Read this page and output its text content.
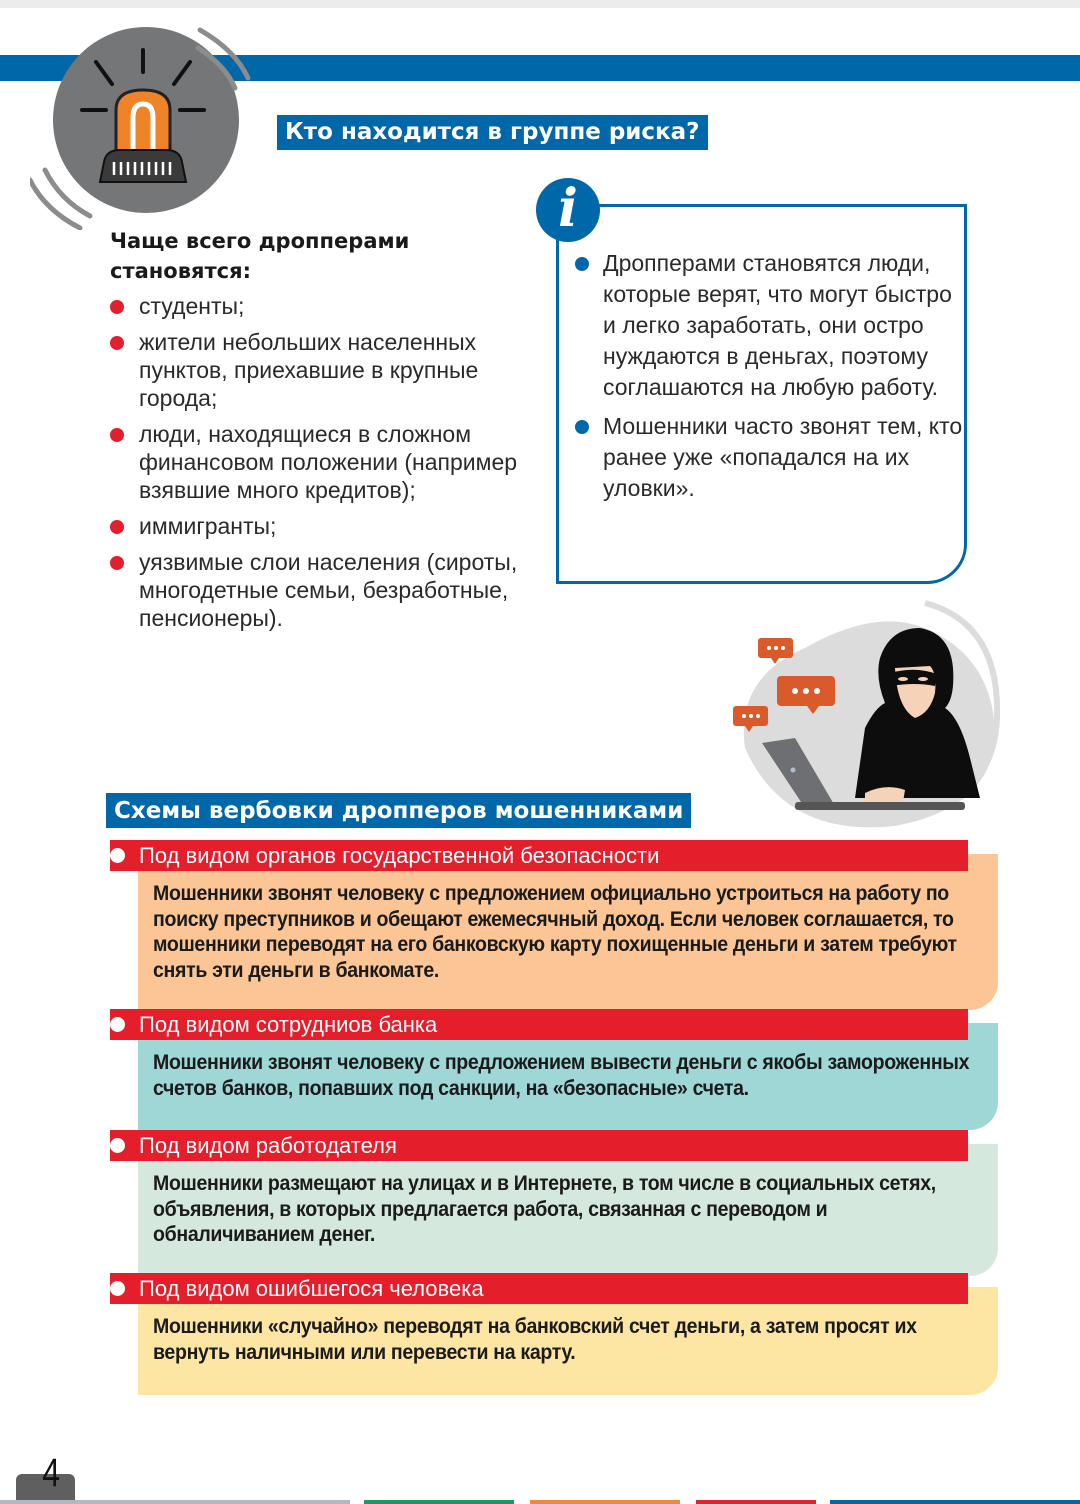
Кто находится в группе риска?
Чаще всего дропперами становятся:
студенты;
жители небольших населенных пунктов, приехавшие в крупные города;
люди, находящиеся в сложном финансовом положении (например взявшие много кредитов);
иммигранты;
уязвимые слои населения (сироты, многодетные семьи, безработные, пенсионеры).
i
Дропперами становятся люди, которые верят, что могут быстро и легко заработать, они остро нуждаются в деньгах, поэтому соглашаются на любую работу.
Мошенники часто звонят тем, кто ранее уже «попадался на их уловки».
Схемы вербовки дропперов мошенниками
Под видом органов государственной безопасности

Мошенники звонят человеку с предложением официально устроиться на работу по поиску преступников и обещают ежемесячный доход. Если человек соглашается, то мошенники переводят на его банковскую карту похищенные деньги и затем требуют снять эти деньги в банкомате.

Под видом сотрудниов банка

Мошенники звонят человеку с предложением вывести деньги с якобы замороженных счетов банков, попавших под санкции, на «безопасные» счета.

Под видом работодателя

Мошенники размещают на улицах и в Интернете, в том числе в социальных сетях, объявления, в которых предлагается работа, связанная с переводом и обналичиванием денег.

Под видом ошибшегося человека

Мошенники «случайно» переводят на банковский счет деньги, а затем просят их вернуть наличными или перевести на карту.

4
